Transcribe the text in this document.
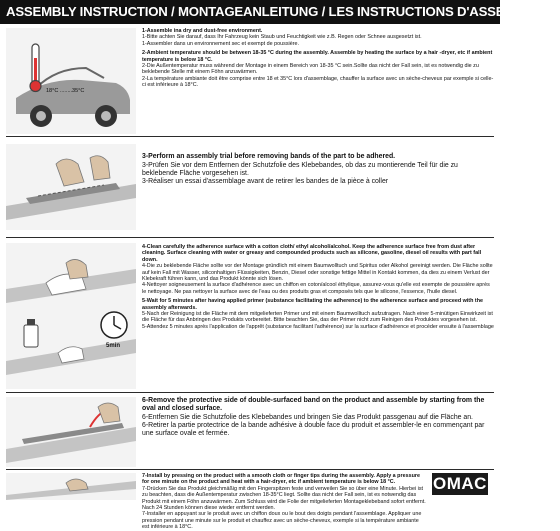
ASSEMBLY INSTRUCTION / MONTAGEANLEITUNG / LES INSTRUCTIONS D'ASSEMBLAGE
18°C ........35°C

1-Assemble ina dry and dust-free environment.

1-Bitte achten Sie darauf, dass Ihr Fahrzeug kein Staub und Feuchtigkeit wie z.B. Regen oder Schnee ausgesetzt ist.

1-Assembler dans un environnement sec et exempt de poussière.

2-Ambient temperature should be between 18-35 °C during the assembly. Assemble by heating the surface by a hair -dryer, etc if ambient temperature is below 18 °C.

2-Die Außentemperatur muss während der Montage in einem Bereich von 18-35 °C sein.Sollte das nicht der Fall sein, ist es notwendig die zu beklebende Stelle mit einem Föhn anzuwärmen.

2-La température ambiante doit être comprise entre 18 et 35°C lors d'assemblage, chauffer la surface avec un sèche-cheveux par exemple si celle-ci est inférieure à 18°C.

3-Perform an assembly trial before removing bands of the part to be adhered.

3-Prüfen Sie vor dem Entfernen der Schutzfolie des Klebebandes, ob das zu montierende Teil für die zu beklebende Fläche vorgesehen ist.

3-Réaliser un essai d'assemblage avant de retirer les bandes de la pièce à coller

5min

4-Clean carefully the adherence surface with a cotton cloth/ ethyl alcohol/alcohol. Keep the adherence surface free from dust after cleaning. Surface cleaning with water or greasy and compounded products such as silicone, gasoline, diesel oil results with part fall down.

4-Die zu beklebende Fläche sollte vor der Montage gründlich mit einem Baumwolltuch und Spiritus oder Alkohol gereinigt werden. Die Fläche sollte auf kein Fall mit Wasser, siliconhaltigen Flüssigkeiten, Benzin, Diesel oder sonstige fettige Mittel in Kontakt kommen, da dies zu einem Verlust der Klebekraft führen kann, und das Produkt könnte sich lösen.

4-Nettoyer soigneusement la surface d'adhérence avec un chiffon en coton/alcool éthylique, assurez-vous qu'elle est exempte de poussière après le nettoyage. Ne pas nettoyer la surface avec de l'eau ou des produits gras et composés tels que le silicone, l'essence, l'huile diesel.

5-Wait for 5 minutes after having applied primer (substance facilitating the adherence) to the adherence surface and proceed with the assembly afterwards.

5-Nach der Reinigung ist die Fläche mit dem mitgelieferten Primer und mit einem Baumwolltuch aufzutragen. Nach einer 5-minütigen Einwirkzeit ist die Fläche für das Anbringen des Produkts vorbereitet. Bitte beachten Sie, das der Primer nicht zum Reinigen des Produktes vorgesehen ist.

5-Attendez 5 minutes après l'application de l'apprêt (substance facilitant l'adhérence) sur la surface d'adhérence et procéder ensuite à l'assemblage

6-Remove the protective side of double-surfaced band on the product and assemble by starting from the oval and closed surface.

6-Entfernen Sie die Schutzfolie des Klebebandes und bringen Sie das Produkt passgenau auf die Fläche an.

6-Retirer la partie protectrice de la bande adhésive à double face du produit et assembler-le en commençant par une surface ovale et fermée.

7-Install by pressing on the product with a smooth cloth or finger tips during the assembly. Apply a pressure for one minute on the product and heat with a hair-dryer, etc if ambient temperature is below 18 °C.

7-Drücken Sie das Produkt gleichmäßig mit den Fingerspitzen feste und verweilen Sie so über eine Minute. Hierbei ist zu beachten, dass die Außentemperatur zwischen 18-35°C liegt. Sollte das nicht der Fall sein, ist es notwendig das Produkt mit einem Föhn anzuwärmen. Zum Schluss wird die Folie der mitgelieferten Montageklebeband sofort entfernt. Nach 24 Stunden können diese wieder entfernt werden.

7-Installer en appuyant sur le produit avec un chiffon doux ou le bout des doigts pendant l'assemblage. Appliquer une pression pendant une minute sur le produit et chauffez avec un sèche-cheveux, exemple si la température ambiante est inférieure à 18°C.

OMAC
